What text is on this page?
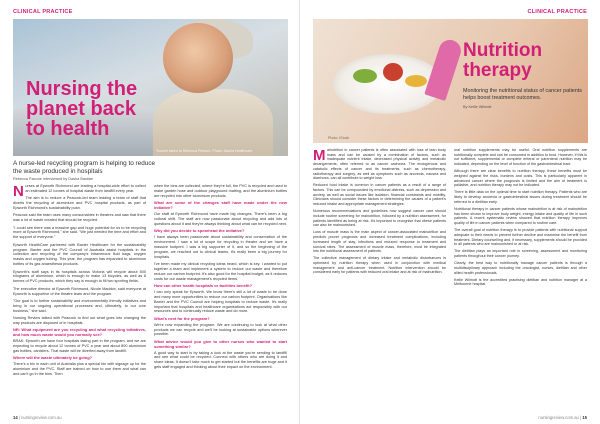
CLINICAL PRACTICE
Nursing the planet back to health
Trouble taken to Rebecca Peeson. Photo: Dasha Healthcare
A nurse-led recycling program is helping to reduce the waste produced in hospitals
Rebecca Pacone interviewed by Dasha Bastian

Nurses at Epworth Richmond are leading a hospital-wide effort to collect an estimated 12 tonnes of hospital waste from landfill every year.

The aim is to reduce a Peacock-led team leading a team of staff that diverts the recycling of aluminium and PVC hospital products, as part of Epworth Richmond's sustainability push.

Peacock said the team uses many consumables in theatres and saw that there was a lot of waste created that should be recycled.

"I could see there was a massive gap and huge potential for us to be recycling more at Epworth Richmond," she said. "We just needed the time and effort and the support of everyone."

Epworth HealthCare partnered with Baxter Healthcare for the sustainability program. Baxter and the PVC Council of Australia assist hospitals in the collection and recycling of the company's intravenous fluid bags, oxygen masks and oxygen tubing. This year, the program has expanded to aluminium bottles of its gas anaesthesia products.

Epworth's staff says in its hospitals across Victoria will recycle about 500 kilograms of aluminium, which is enough to make 13 bicycles, as well as 8 tonnes of PVC products, which they say is enough to fill two sporting fields.

The executive director at Epworth Richmond, Nicole Maddox, said everyone at Epworth is supportive of the theatre team and the program.

"Our goal is to further sustainability and environmentally friendly initiatives and bring in our ongoing operational processes and, ultimately, to our core business," she said.

Nursing Review talked with Peacock to find out what goes into changing the way products are disposed of in hospitals.

NR: What equipment are you recycling and what recycling initiatives, and how much waste would you normally see?

BRAK: Epworth we have four hospitals taking part in the program, and we are expecting to recycle about 12 tonnes of PVC a year and about 800 aluminium gas bottles, canisters. That waste will be diverted away from landfill.

Where will the waste ultimately be going?

There's a bin in each unit of Australia plus a special bin with signage up for the aluminium and the PVC. Staff are trained on how to use them and what can and can't go in the bins. Then

when the bins are collected, where they're full, the PVC is recycled and used to make garden hose and outdoor playground matting, and the aluminium bottles are recycled into other aluminium products.

What are some of the changes staff have made under the new initiative?

Our staff at Epworth Richmond have made big changes. There's been a big cultural shift. The staff are now passionate about recycling and add lots of questions about it and they're always thinking about what can be recycled next.

Why did you decide to spearhead the initiative?

I have always been passionate about sustainability and conservation of the environment. I saw a lot of scope for recycling in theatre and we have a massive footprint. I was a big supporter of it, and so the beginning of the program, we reached out to clinical teams, it's really been a big journey for hospitals.

I've been made my clinical recycling ideas heard, which is key. I wanted to put together a team and implement a system to reduce our waste and therefore reduce our carbon footprint. It's also good for the hospital budget, as it reduces costs for our waste management's recycled items.

How can other health hospitals or facilities benefit?

I can only speak for Epworth. We know there's still a lot of waste to be done and many more opportunities to reduce our carbon footprint. Organisations like Baxter and the PVC Council are helping hospitals to reduce waste. It's really important that hospitals and healthcare organisations act responsibly with our resources and to continually reduce waste and do more.

What's next for the program?

We're now expanding the program. We are continuing to look at what other products we can recycle and we'll be looking at sustainable options wherever possible.

What advice would you give to other nurses who wanted to start something similar?

A good way to start is by taking a look at the waste you're sending to landfill and see what could be recycled. Connect with others who are doing it and share ideas. It doesn't take much to get started but the benefits are huge and it gets staff engaged and thinking about their impact on the environment.

14 | nursingreview.com.au
CLINICAL PRACTICE
Nutrition therapy
Monitoring the nutritional status of cancer patients helps boost treatment outcomes.
By Kellie Wilmott
Photo: iStock

Malnutrition in cancer patients is often associated with loss of lean body mass and can be caused by a combination of factors, such as inadequate nutrient intake, decreased physical activity and metabolic derangements, often referred to as cancer cachexia. The endogenous and catabolic effects of cancer and its treatments, such as chemotherapy, radiotherapy and surgery, as well as symptoms such as anorexia, nausea and diarrhoea, can all contribute to weight loss.

Reduced food intake is common in cancer patients as a result of a range of factors. This can be compounded by emotional distress, such as depression and anxiety, as well as social issues like isolation, financial constraints and mobility. Clinicians should consider these factors in determining the causes of a patient's reduced intake and appropriate management strategies.

Numerous recommendations and guidelines now suggest cancer care should include routine screening for malnutrition, followed by a nutrition assessment, for patients identified as being at risk. It's important to recognise that obese patients can also be malnourished.

Loss of muscle mass is the main aspect of cancer-associated malnutrition and predicts poorer prognosis and increased treatment complications, including increased length of stay, infections and reduced response to treatment and survival rates. The assessment of muscle mass, therefore, must be integrated into the nutritional assessment of patients.

The collective management of dietary intake and metabolic disturbances is optimised by nutrition therapy when used in conjunction with medical management and anti-cancer treatment. Nutrition intervention should be considered early for patients with reduced oral intake and at risk of malnutrition.

oral nutrition supplements may be useful. Oral nutrition supplements are nutritionally complete and can be consumed in addition to food. However, if this is not sufficient, supplemental or complete enteral or parenteral nutrition may be indicated, depending on the level of function of the gastrointestinal tract.

Although there are clear benefits to nutrition therapy, these benefits must be weighed against the risks, burdens and costs. This is particularly apparent in advanced cancer where the prognosis is limited and the aim of treatment is palliative, and nutrition therapy may not be indicated.

There is little data on the optimal time to start nutrition therapy. Patients who are likely to develop anorexia or gastrointestinal issues during treatment should be referred to a dietitian early.

Nutritional therapy in cancer patients whose malnutrition is at risk of malnutrition has been shown to improve body weight, energy intake and quality of life in such patients. A recent systematic review showed that nutrition therapy improves quality of life in cancer patients when compared to routine care.

The overall goal of nutrition therapy is to provide patients with nutritional support adequate to their needs to prevent further decline and maximise the benefit from treatment. Dietary counselling and, if necessary, supplements should be provided to all patients who are malnourished or at risk.

The dietitian plays an important role in screening, assessment and monitoring patients throughout their cancer journey.

Clearly, the best way to nutritionally manage cancer patients is through a multidisciplinary approach including the oncologist, nurses, dietitian and other allied health professionals.

Kellie Wilmott is the accredited practising dietitian and nutrition manager at a Melbourne hospital.

nursingreview.com.au | 15
